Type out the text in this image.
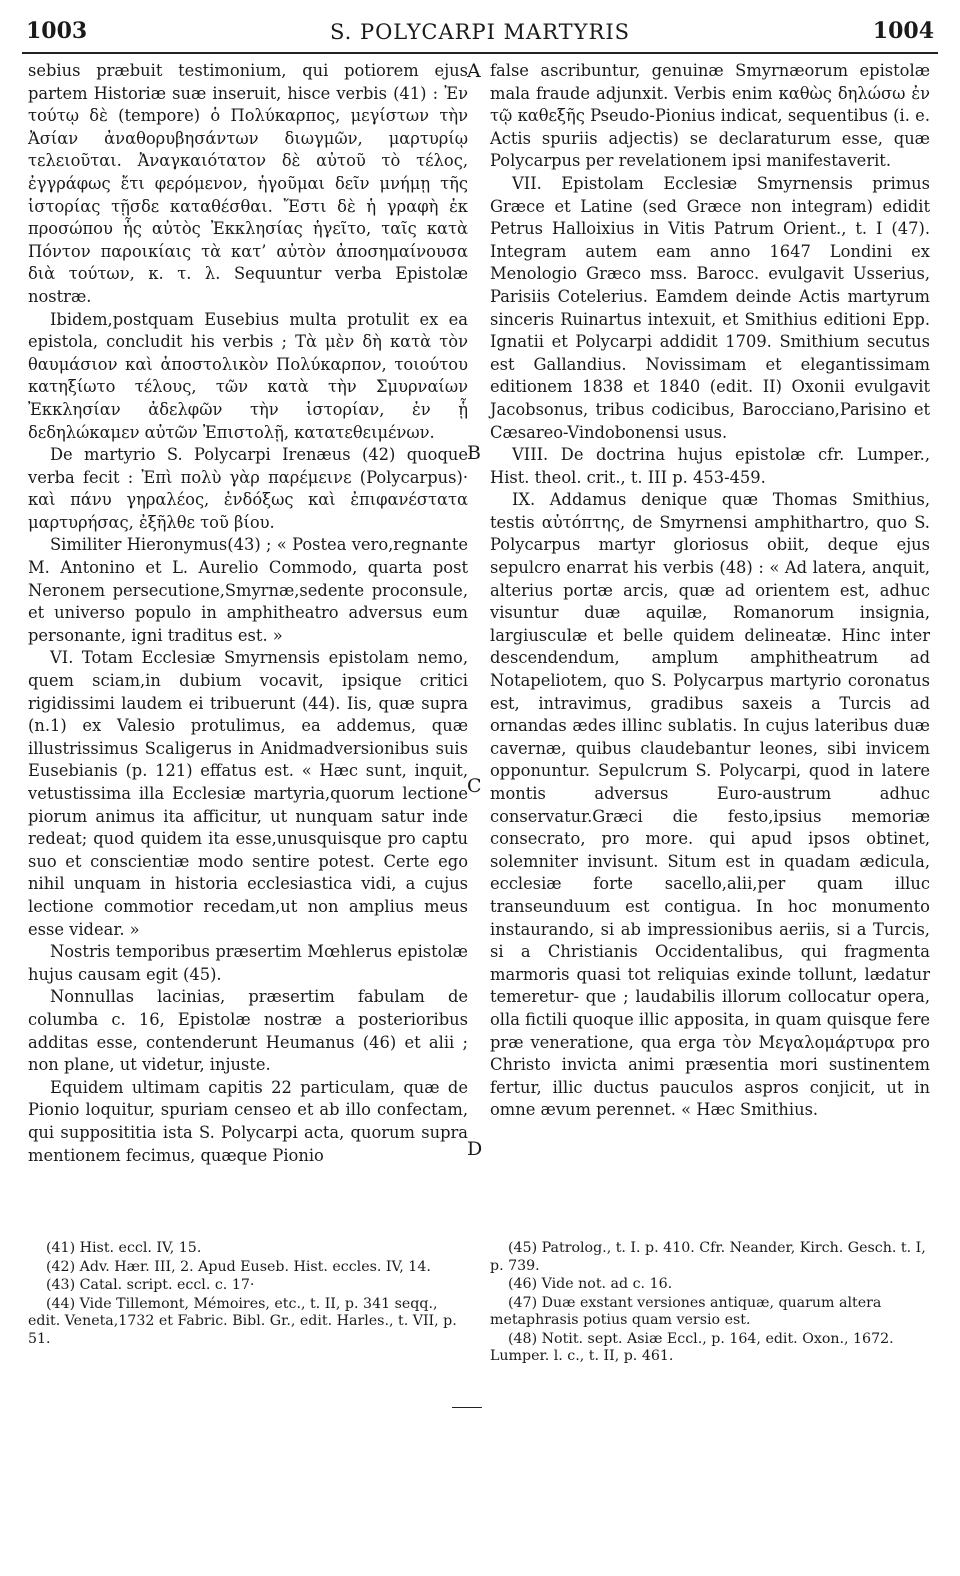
1003	S. POLYCARPI MARTYRIS	1004
A
B
C
D

sebius præbuit testimonium, qui potiorem ejus partem Historiæ suæ inseruit, hisce verbis (41) : Ἐν τούτῳ δὲ (tempore) ὁ Πολύκαρπος, μεγίστων τὴν Ἀσίαν ἀναθορυβησάντων διωγμῶν, μαρτυρίῳ τελειοῦται. Ἀναγκαιότατον δὲ αὐτοῦ τὸ τέλος, ἐγγράφως ἔτι φερόμενον, ἡγοῦμαι δεῖν μνήμῃ τῆς ἱστορίας τῇσδε καταθέσθαι. Ἔστι δὲ ἡ γραφὴ ἐκ προσώπου ἧς αὐτὸς Ἐκκλησίας ἡγεῖτο, ταῖς κατὰ Πόντον παροικίαις τὰ κατ’ αὐτὸν ἀποσημαίνουσα διὰ τούτων, κ. τ. λ. Sequuntur verba Epistolæ nostræ.

Ibidem,postquam Eusebius multa protulit ex ea epistola, concludit his verbis ; Τὰ μὲν δὴ κατὰ τὸν θαυμάσιον καὶ ἀποστολικὸν Πολύκαρπον, τοιούτου κατηξίωτο τέλους, τῶν κατὰ τὴν Σμυρναίων Ἐκκλησίαν ἀδελφῶν τὴν ἱστορίαν, ἐν ᾗ δεδηλώκαμεν αὐτῶν Ἐπιστολῇ, κατατεθειμένων.

De martyrio S. Polycarpi Irenæus (42) quoque verba fecit : Ἐπὶ πολὺ γὰρ παρέμεινε (Polycarpus)· καὶ πάνυ γηραλέος, ἐνδόξως καὶ ἐπιφανέστατα μαρτυρήσας, ἐξῆλθε τοῦ βίου.

Similiter Hieronymus(43) ; « Postea vero,regnante M. Antonino et L. Aurelio Commodo, quarta post Neronem persecutione,Smyrnæ,sedente proconsule, et universo populo in amphitheatro adversus eum personante, igni traditus est. »

VI. Totam Ecclesiæ Smyrnensis epistolam nemo, quem sciam,in dubium vocavit, ipsique critici rigidissimi laudem ei tribuerunt (44). Iis, quæ supra (n.1) ex Valesio protulimus, ea addemus, quæ illustrissimus Scaligerus in Anidmadversionibus suis Eusebianis (p. 121) effatus est. « Hæc sunt, inquit, vetustissima illa Ecclesiæ martyria,quorum lectione piorum animus ita afficitur, ut nunquam satur inde redeat; quod quidem ita esse,unusquisque pro captu suo et conscientiæ modo sentire potest. Certe ego nihil unquam in historia ecclesiastica vidi, a cujus lectione commotior recedam,ut non amplius meus esse videar. »

Nostris temporibus præsertim Mœhlerus epistolæ hujus causam egit (45).

Nonnullas lacinias, præsertim fabulam de columba c. 16, Epistolæ nostræ a posterioribus additas esse, contenderunt Heumanus (46) et alii ; non plane, ut videtur, injuste.

Equidem ultimam capitis 22 particulam, quæ de Pionio loquitur, spuriam censeo et ab illo confectam, qui supposititia ista S. Polycarpi acta, quorum supra mentionem fecimus, quæque Pionio

false ascribuntur, genuinæ Smyrnæorum epistolæ mala fraude adjunxit. Verbis enim καθὼς δηλώσω ἐν τῷ καθεξῆς Pseudo-Pionius indicat, sequentibus (i. e. Actis spuriis adjectis) se declaraturum esse, quæ Polycarpus per revelationem ipsi manifestaverit.

VII. Epistolam Ecclesiæ Smyrnensis primus Græce et Latine (sed Græce non integram) edidit Petrus Halloixius in Vitis Patrum Orient., t. I (47). Integram autem eam anno 1647 Londini ex Menologio Græco mss. Barocc. evulgavit Usserius, Parisiis Cotelerius. Eamdem deinde Actis martyrum sinceris Ruinartus intexuit, et Smithius editioni Epp. Ignatii et Polycarpi addidit 1709. Smithium secutus est Gallandius. Novissimam et elegantissimam editionem 1838 et 1840 (edit. II) Oxonii evulgavit Jacobsonus, tribus codicibus, Barocciano,Parisino et Cæsareo-Vindobonensi usus.

VIII. De doctrina hujus epistolæ cfr. Lumper., Hist. theol. crit., t. III p. 453-459.

IX. Addamus denique quæ Thomas Smithius, testis αὐτόπτης, de Smyrnensi amphithartro, quo S. Polycarpus martyr gloriosus obiit, deque ejus sepulcro enarrat his verbis (48) : « Ad latera, anquit, alterius portæ arcis, quæ ad orientem est, adhuc visuntur duæ aquilæ, Romanorum insignia, largiusculæ et belle quidem delineatæ. Hinc inter descendendum, amplum amphitheatrum ad Notapeliotem, quo S. Polycarpus martyrio coronatus est, intravimus, gradibus saxeis a Turcis ad ornandas ædes illinc sublatis. In cujus lateribus duæ cavernæ, quibus claudebantur leones, sibi invicem opponuntur. Sepulcrum S. Polycarpi, quod in latere montis adversus Euro-austrum adhuc conservatur.Græci die festo,ipsius memoriæ consecrato, pro more. qui apud ipsos obtinet, solemniter invisunt. Situm est in quadam ædicula, ecclesiæ forte sacello,alii,per quam illuc transeunduum est contigua. In hoc monumento instaurando, si ab impressionibus aeriis, si a Turcis, si a Christianis Occidentalibus, qui fragmenta marmoris quasi tot reliquias exinde tollunt, lædatur temeretur- que ; laudabilis illorum collocatur opera, olla fictili quoque illic apposita, in quam quisque fere præ veneratione, qua erga τὸν Μεγαλομάρτυρα pro Christo invicta animi præsentia mori sustinentem fertur, illic ductus pauculos aspros conjicit, ut in omne ævum perennet. « Hæc Smithius.

(41) Hist. eccl. IV, 15.

(42) Adv. Hær. III, 2. Apud Euseb. Hist. eccles. IV, 14.

(43) Catal. script. eccl. c. 17·

(44) Vide Tillemont, Mémoires, etc., t. II, p. 341 seqq., edit. Veneta,1732 et Fabric. Bibl. Gr., edit. Harles., t. VII, p. 51.

(45) Patrolog., t. I. p. 410. Cfr. Neander, Kirch. Gesch. t. I, p. 739.

(46) Vide not. ad c. 16.

(47) Duæ exstant versiones antiquæ, quarum altera metaphrasis potius quam versio est.

(48) Notit. sept. Asiæ Eccl., p. 164, edit. Oxon., 1672. Lumper. l. c., t. II, p. 461.
